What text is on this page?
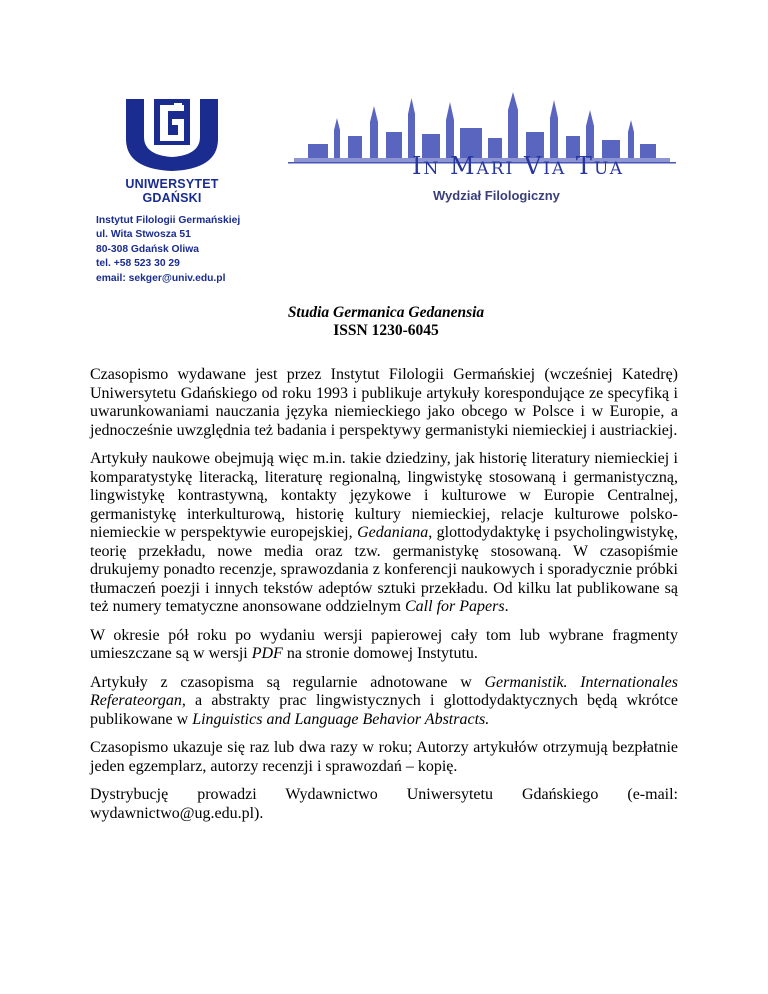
UNIWERSYTET GDAŃSKI
In Mari Via Tua
Wydział Filologiczny
Instytut Filologii Germańskiej
ul. Wita Stwosza 51
80-308 Gdańsk Oliwa
tel. +58 523 30 29
email: sekger@univ.edu.pl
Studia Germanica Gedanensia
ISSN 1230-6045

Czasopismo wydawane jest przez Instytut Filologii Germańskiej (wcześniej Katedrę) Uniwersytetu Gdańskiego od roku 1993 i publikuje artykuły korespondujące ze specyfiką i uwarunkowaniami nauczania języka niemieckiego jako obcego w Polsce i w Europie, a jednocześnie uwzględnia też badania i perspektywy germanistyki niemieckiej i austriackiej.

Artykuły naukowe obejmują więc m.in. takie dziedziny, jak historię literatury niemieckiej i komparatystykę literacką, literaturę regionalną, lingwistykę stosowaną i germanistyczną, lingwistykę kontrastywną, kontakty językowe i kulturowe w Europie Centralnej, germanistykę interkulturową, historię kultury niemieckiej, relacje kulturowe polsko-niemieckie w perspektywie europejskiej, Gedaniana, glottodydaktykę i psycholingwistykę, teorię przekładu, nowe media oraz tzw. germanistykę stosowaną. W czasopiśmie drukujemy ponadto recenzje, sprawozdania z konferencji naukowych i sporadycznie próbki tłumaczeń poezji i innych tekstów adeptów sztuki przekładu. Od kilku lat publikowane są też numery tematyczne anonsowane oddzielnym Call for Papers.

W okresie pół roku po wydaniu wersji papierowej cały tom lub wybrane fragmenty umieszczane są w wersji PDF na stronie domowej Instytutu.

Artykuły z czasopisma są regularnie adnotowane w Germanistik. Internationales Referateorgan, a abstrakty prac lingwistycznych i glottodydaktycznych będą wkrótce publikowane w Linguistics and Language Behavior Abstracts.

Czasopismo ukazuje się raz lub dwa razy w roku; Autorzy artykułów otrzymują bezpłatnie jeden egzemplarz, autorzy recenzji i sprawozdań – kopię.

Dystrybucję prowadzi Wydawnictwo Uniwersytetu Gdańskiego (e-mail: wydawnictwo@ug.edu.pl).
